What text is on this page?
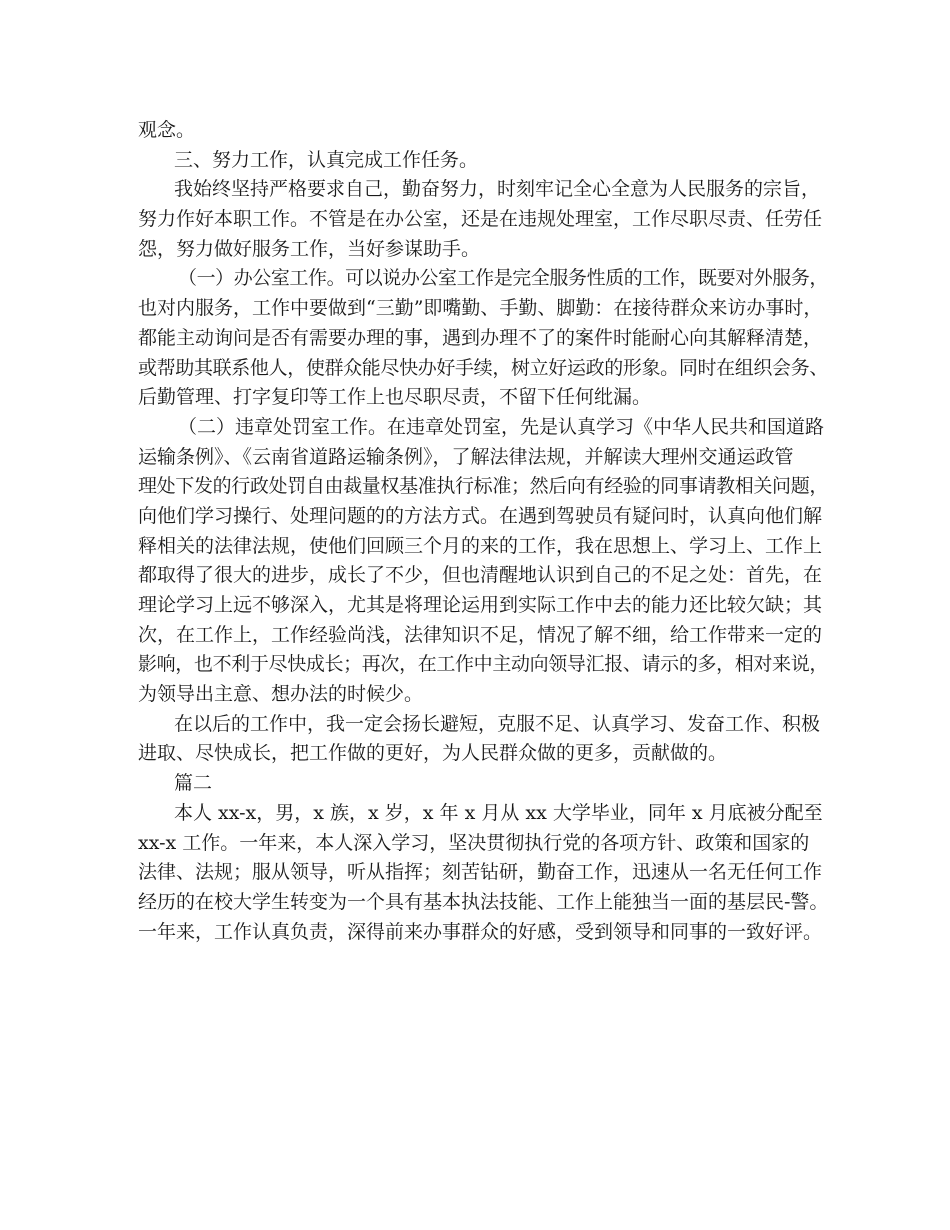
观念。
三、努力工作，认真完成工作任务。
我始终坚持严格要求自己，勤奋努力，时刻牢记全心全意为人民服务的宗旨，
努力作好本职工作。不管是在办公室，还是在违规处理室，工作尽职尽责、任劳任
怨，努力做好服务工作，当好参谋助手。
（一）办公室工作。可以说办公室工作是完全服务性质的工作，既要对外服务，
也对内服务，工作中要做到“三勤”即嘴勤、手勤、脚勤：在接待群众来访办事时，
都能主动询问是否有需要办理的事，遇到办理不了的案件时能耐心向其解释清楚，
或帮助其联系他人，使群众能尽快办好手续，树立好运政的形象。同时在组织会务、
后勤管理、打字复印等工作上也尽职尽责，不留下任何纰漏。
（二）违章处罚室工作。在违章处罚室，先是认真学习《中华人民共和国道路
运输条例》、《云南省道路运输条例》，了解法律法规，并解读大理州交通运政管
理处下发的行政处罚自由裁量权基准执行标准；然后向有经验的同事请教相关问题，
向他们学习操行、处理问题的的方法方式。在遇到驾驶员有疑问时，认真向他们解
释相关的法律法规，使他们回顾三个月的来的工作，我在思想上、学习上、工作上
都取得了很大的进步，成长了不少，但也清醒地认识到自己的不足之处：首先，在
理论学习上远不够深入，尤其是将理论运用到实际工作中去的能力还比较欠缺；其
次，在工作上，工作经验尚浅，法律知识不足，情况了解不细，给工作带来一定的
影响，也不利于尽快成长；再次，在工作中主动向领导汇报、请示的多，相对来说，
为领导出主意、想办法的时候少。
在以后的工作中，我一定会扬长避短，克服不足、认真学习、发奋工作、积极
进取、尽快成长，把工作做的更好，为人民群众做的更多，贡献做的。
篇二
本人 xx-x，男，x 族，x 岁，x 年 x 月从 xx 大学毕业，同年 x 月底被分配至
xx-x 工作。一年来，本人深入学习，坚决贯彻执行党的各项方针、政策和国家的
法律、法规；服从领导，听从指挥；刻苦钻研，勤奋工作，迅速从一名无任何工作
经历的在校大学生转变为一个具有基本执法技能、工作上能独当一面的基层民-警。
一年来，工作认真负责，深得前来办事群众的好感，受到领导和同事的一致好评。
